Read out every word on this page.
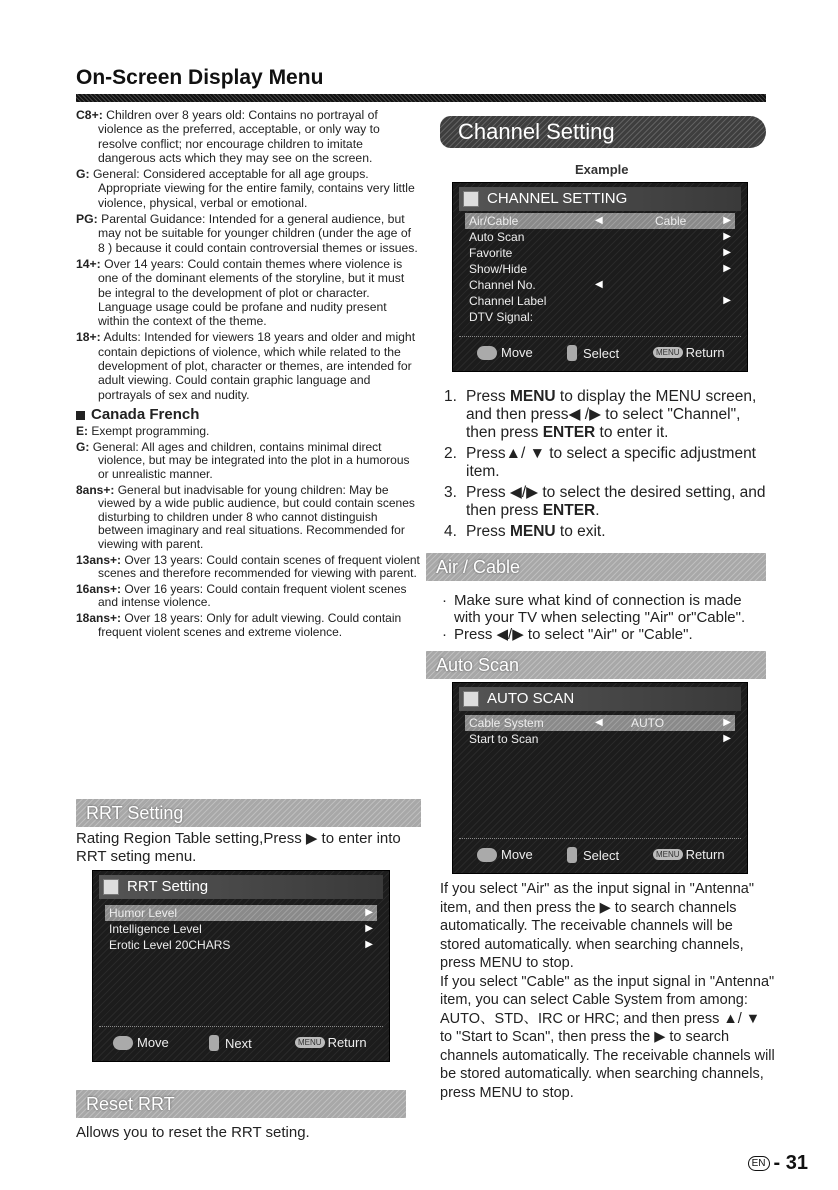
On-Screen Display Menu
C8+: Children over 8 years old: Contains no portrayal of violence as the preferred, acceptable, or only way to resolve conflict; nor encourage children to imitate dangerous acts which they may see on the screen.
G: General: Considered acceptable for all age groups. Appropriate viewing for the entire family, contains very little violence, physical, verbal or emotional.
PG: Parental Guidance: Intended for a general audience, but may not be suitable for younger children (under the age of 8 ) because it could contain controversial themes or issues.
14+: Over 14 years: Could contain themes where violence is one of the dominant elements of the storyline, but it must be integral to the development of plot or character. Language usage could be profane and nudity present within the context of the theme.
18+: Adults: Intended for viewers 18 years and older and might contain depictions of violence, which while related to the development of plot, character or themes, are intended for adult viewing. Could contain graphic language and portrayals of sex and nudity.
Canada French
E: Exempt programming.
G: General: All ages and children, contains minimal direct violence, but may be integrated into the plot in a humorous or unrealistic manner.
8ans+: General but inadvisable for young children: May be viewed by a wide public audience, but could contain scenes disturbing to children under 8 who cannot distinguish between imaginary and real situations. Recommended for viewing with parent.
13ans+: Over 13 years: Could contain scenes of frequent violent scenes and therefore recommended for viewing with parent.
16ans+: Over 16 years: Could contain frequent violent scenes and intense violence.
18ans+: Over 18 years: Only for adult viewing. Could contain frequent violent scenes and extreme violence.
RRT Setting
Rating Region Table setting,Press ▶ to enter into RRT seting menu.
RRT Setting
Humor Level	▶
Intelligence Level	▶
Erotic Level 20CHARS	▶
Move	Next	MENU Return
Reset RRT
Allows you to reset the RRT seting.
Channel Setting
Example
CHANNEL SETTING
Air/Cable	◀	Cable	▶
Auto Scan	▶
Favorite	▶
Show/Hide	▶
Channel No.	◀
Channel Label	▶
DTV Signal:
Move	Select	MENU Return
1. Press MENU to display the MENU screen, and then press◀ /▶ to select "Channel", then press ENTER to enter it.
2. Press▲/ ▼ to select a specific adjustment item.
3. Press ◀/▶ to select the desired setting, and then press ENTER.
4. Press MENU to exit.
Air / Cable
· Make sure what kind of connection is made with your TV when selecting "Air" or"Cable".
· Press ◀/▶ to select "Air" or "Cable".
Auto Scan
AUTO SCAN
Cable System	◀ AUTO	▶
Start to Scan	▶
Move	Select	MENU Return
If you select "Air" as the input signal in "Antenna" item, and then press the ▶ to search channels automatically. The receivable channels will be stored automatically. when searching channels, press MENU to stop.
If you select "Cable" as the input signal in "Antenna" item, you can select Cable System from among: AUTO、STD、IRC or HRC; and then press ▲/ ▼ to "Start to Scan", then press the ▶ to search channels automatically. The receivable channels will be stored automatically. when searching channels, press MENU to stop.
EN - 31
